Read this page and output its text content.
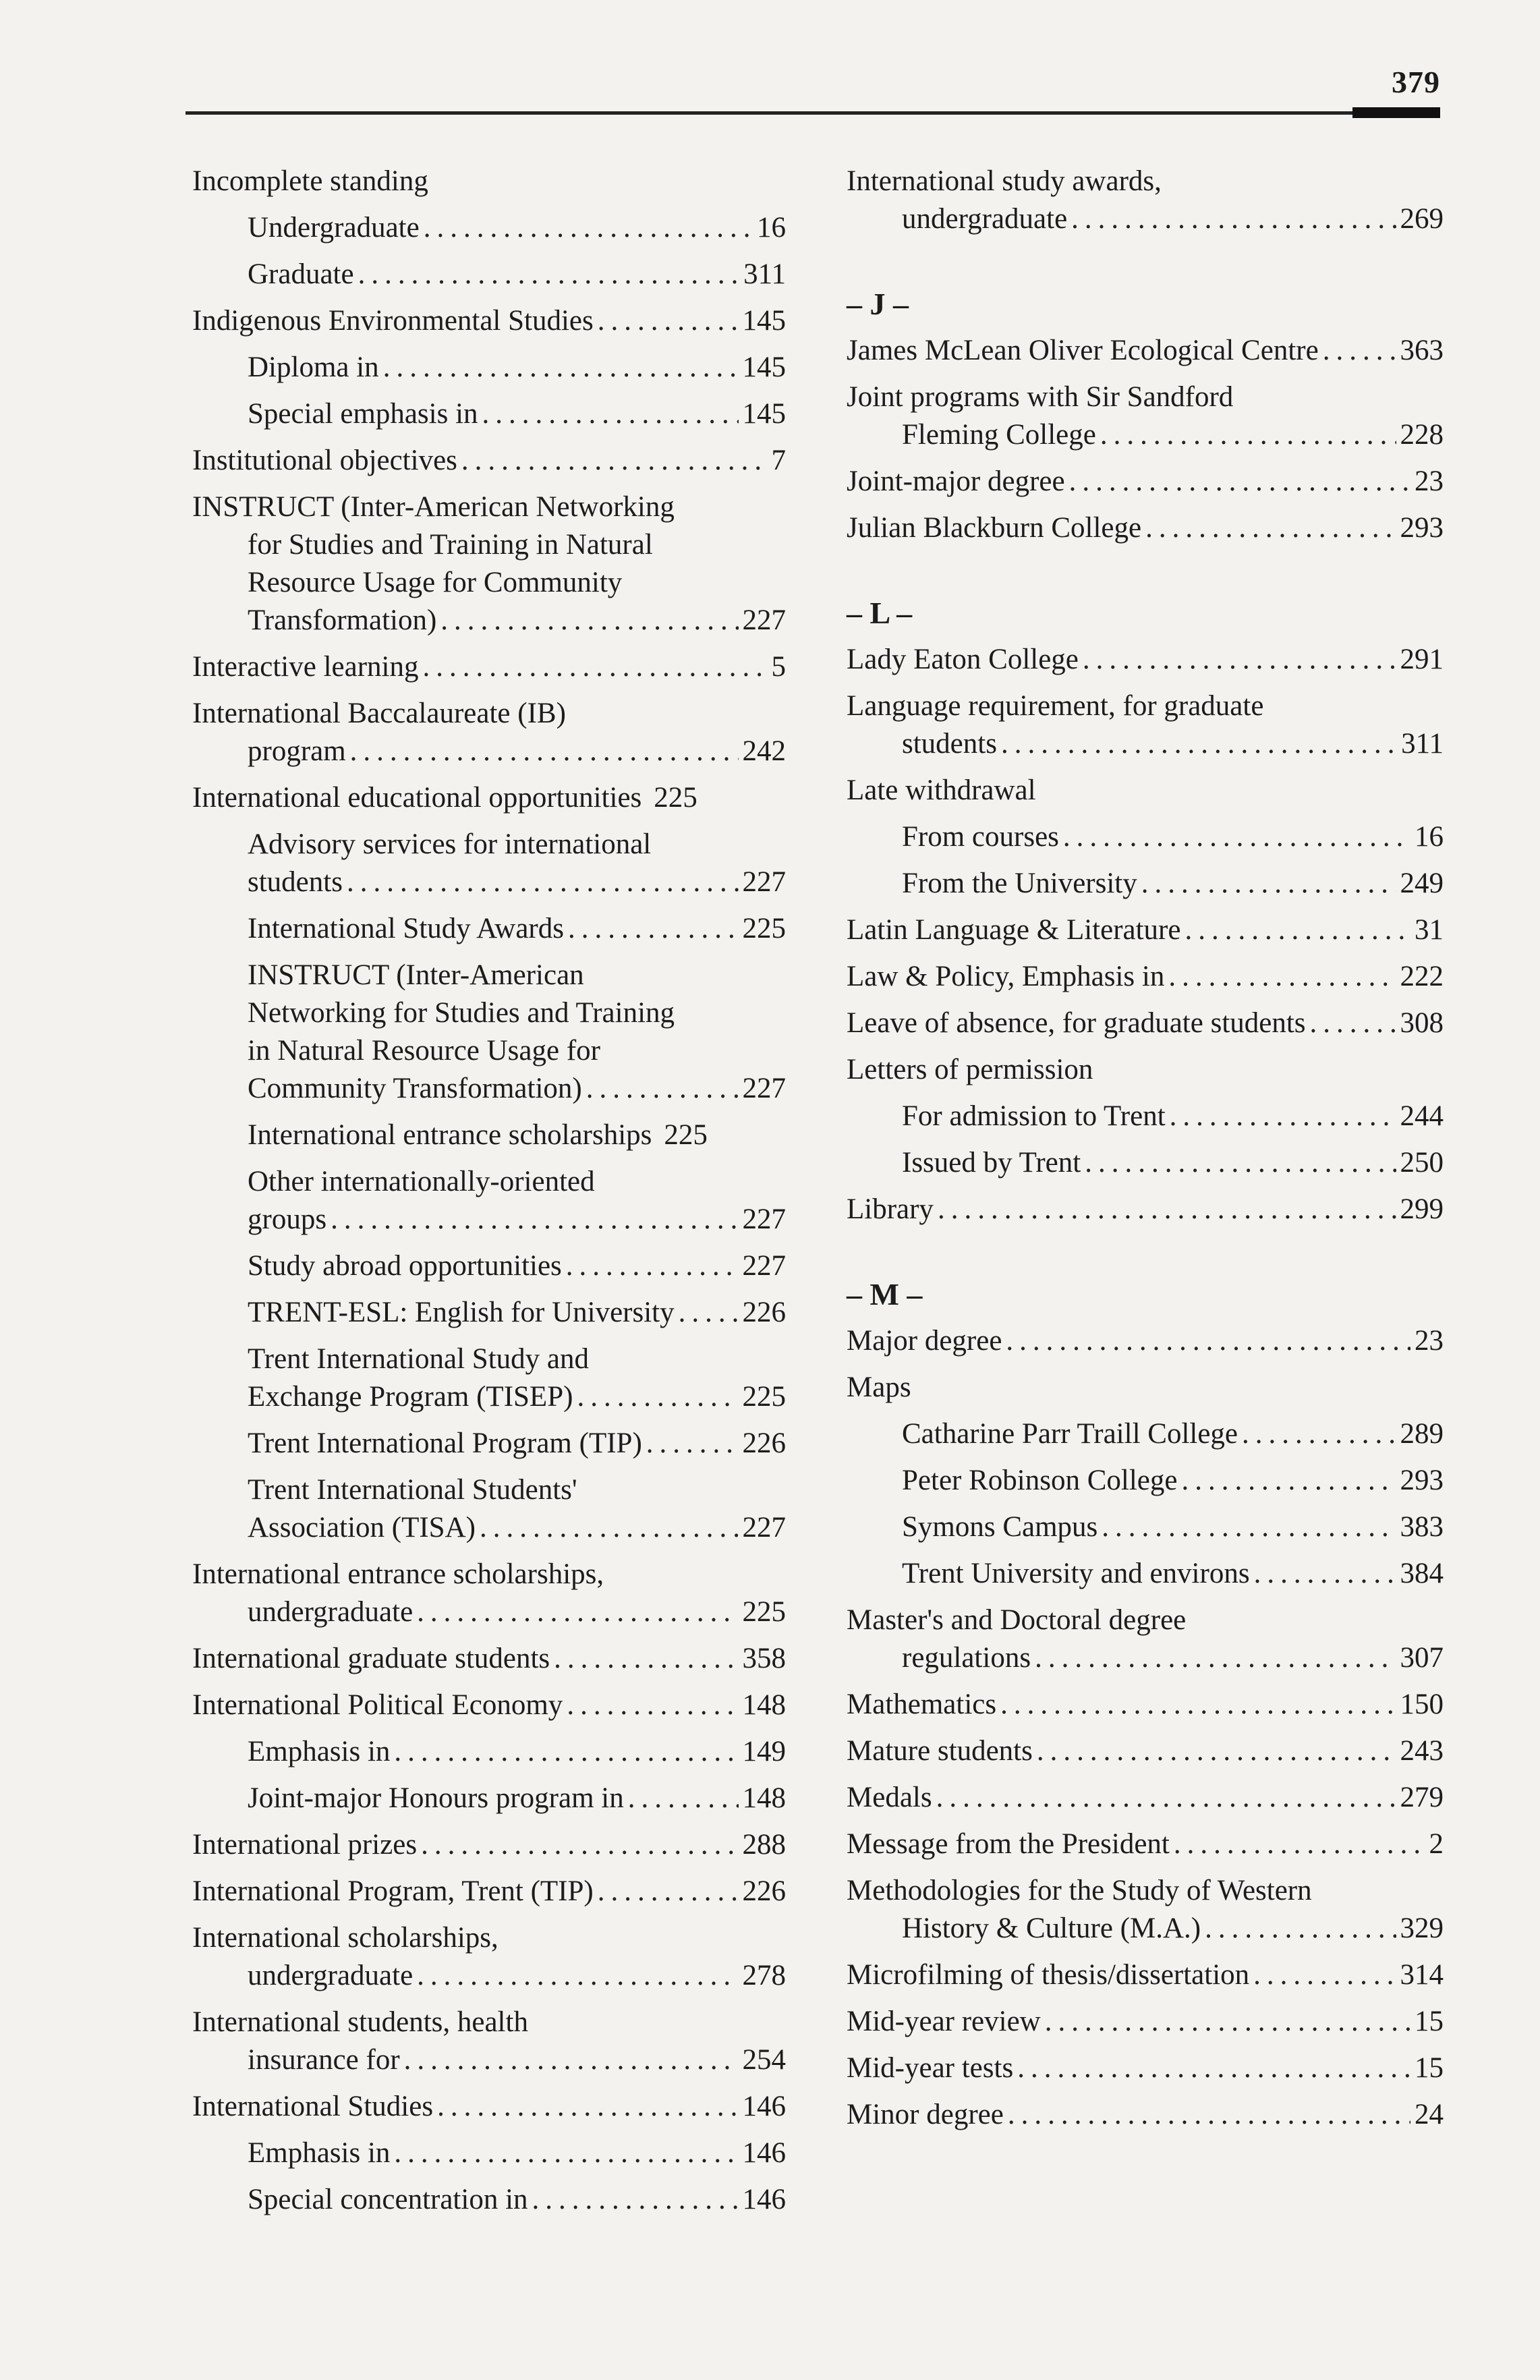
379
Incomplete standing
Undergraduate .....	16
Graduate .....	311
Indigenous Environmental Studies .....	145
Diploma in .....	145
Special emphasis in .....	145
Institutional objectives .....	7
INSTRUCT (Inter-American Networking
for Studies and Training in Natural
Resource Usage for Community
Transformation) .....	227
Interactive learning .....	5
International Baccalaureate (IB)
program .....	242
International educational opportunities 225
Advisory services for international
students .....	227
International Study Awards .....	225
INSTRUCT (Inter-American
Networking for Studies and Training
in Natural Resource Usage for
Community Transformation) .....	227
International entrance scholarships 225
Other internationally-oriented
groups .....	227
Study abroad opportunities .....	227
TRENT-ESL: English for University ..... 226
Trent International Study and
Exchange Program (TISEP) .....	225
Trent International Program (TIP) .....	226
Trent International Students'
Association (TISA) .....	227
International entrance scholarships,
undergraduate .....	225
International graduate students .....	358
International Political Economy .....	148
Emphasis in .....	149
Joint-major Honours program in .....	148
International prizes .....	288
International Program, Trent (TIP) .....	226
International scholarships,
undergraduate .....	278
International students, health
insurance for .....	254
International Studies .....	146
Emphasis in .....	146
Special concentration in .....	146
International study awards,
undergraduate .....	269
– J –
James McLean Oliver Ecological Centre .....	363
Joint programs with Sir Sandford
Fleming College .....	228
Joint-major degree .....	23
Julian Blackburn College .....	293
– L –
Lady Eaton College .....	291
Language requirement, for graduate
students .....	311
Late withdrawal
From courses .....	16
From the University .....	249
Latin Language & Literature .....	31
Law & Policy, Emphasis in .....	222
Leave of absence, for graduate students .....	308
Letters of permission
For admission to Trent .....	244
Issued by Trent .....	250
Library .....	299
– M –
Major degree .....	23
Maps
Catharine Parr Traill College .....	289
Peter Robinson College .....	293
Symons Campus .....	383
Trent University and environs .....	384
Master's and Doctoral degree
regulations .....	307
Mathematics .....	150
Mature students .....	243
Medals .....	279
Message from the President .....	2
Methodologies for the Study of Western
History & Culture (M.A.) .....	329
Microfilming of thesis/dissertation .....	314
Mid-year review .....	15
Mid-year tests .....	15
Minor degree .....	24
